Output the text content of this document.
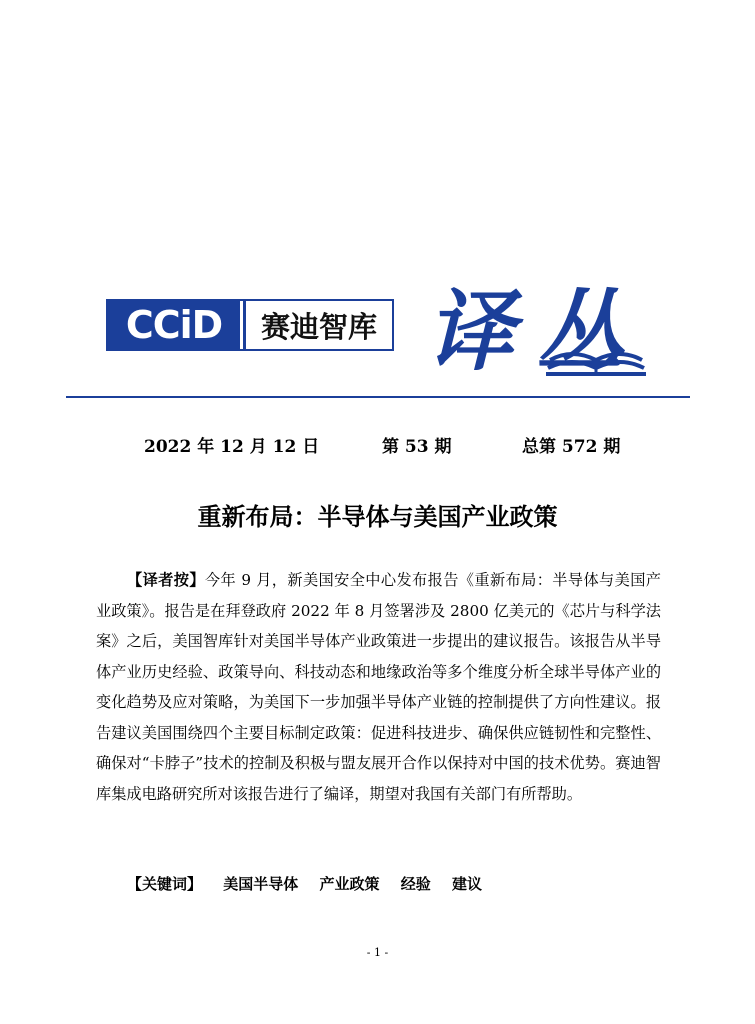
CCiD	赛迪智库 译丛
2022 年 12 月 12 日	第 53 期	总第 572 期
重新布局：半导体与美国产业政策
【译者按】今年 9 月，新美国安全中心发布报告《重新布局：半导体与美国产业政策》。报告是在拜登政府 2022 年 8 月签署涉及 2800 亿美元的《芯片与科学法案》之后，美国智库针对美国半导体产业政策进一步提出的建议报告。该报告从半导体产业历史经验、政策导向、科技动态和地缘政治等多个维度分析全球半导体产业的变化趋势及应对策略，为美国下一步加强半导体产业链的控制提供了方向性建议。报告建议美国围绕四个主要目标制定政策：促进科技进步、确保供应链韧性和完整性、确保对“卡脖子”技术的控制及积极与盟友展开合作以保持对中国的技术优势。赛迪智库集成电路研究所对该报告进行了编译，期望对我国有关部门有所帮助。
【关键词】 美国半导体 产业政策 经验 建议
- 1 -
